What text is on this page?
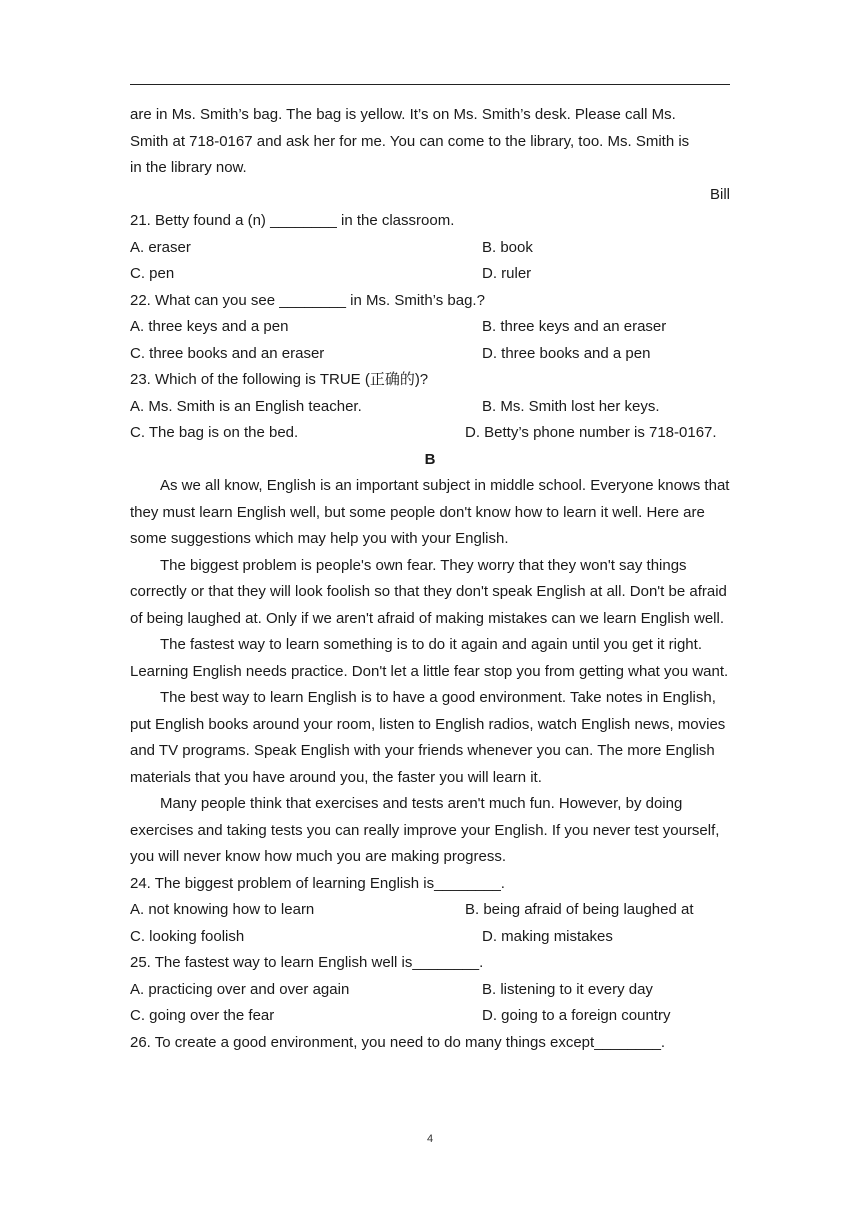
are in Ms. Smith’s bag. The bag is yellow. It’s on Ms. Smith’s desk. Please call Ms.
Smith at 718-0167 and ask her for me. You can come to the library, too. Ms. Smith is
in the library now.
Bill
21. Betty found a (n) ________ in the classroom.
A. eraser	B. book
C. pen	D. ruler
22. What can you see ________ in Ms. Smith’s bag.?
A. three keys and a pen	B. three keys and an eraser
C. three books and an eraser	D. three books and a pen
23. Which of the following is TRUE (正确的)?
A. Ms. Smith is an English teacher.	B. Ms. Smith lost her keys.
C. The bag is on the bed.	D. Betty’s phone number is 718-0167.
B

As we all know, English is an important subject in middle school. Everyone knows that they must learn English well, but some people don't know how to learn it well. Here are some suggestions which may help you with your English.

The biggest problem is people's own fear. They worry that they won't say things correctly or that they will look foolish so that they don't speak English at all. Don't be afraid of being laughed at. Only if we aren't afraid of making mistakes can we learn English well.

The fastest way to learn something is to do it again and again until you get it right. Learning English needs practice. Don't let a little fear stop you from getting what you want.

The best way to learn English is to have a good environment. Take notes in English, put English books around your room, listen to English radios, watch English news, movies and TV programs. Speak English with your friends whenever you can. The more English materials that you have around you, the faster you will learn it.

Many people think that exercises and tests aren't much fun. However, by doing exercises and taking tests you can really improve your English. If you never test yourself, you will never know how much you are making progress.

24. The biggest problem of learning English is________.
A. not knowing how to learn	B. being afraid of being laughed at
C. looking foolish	D. making mistakes
25. The fastest way to learn English well is________.
A. practicing over and over again	B. listening to it every day
C. going over the fear	D. going to a foreign country
26. To create a good environment, you need to do many things except________.
4
